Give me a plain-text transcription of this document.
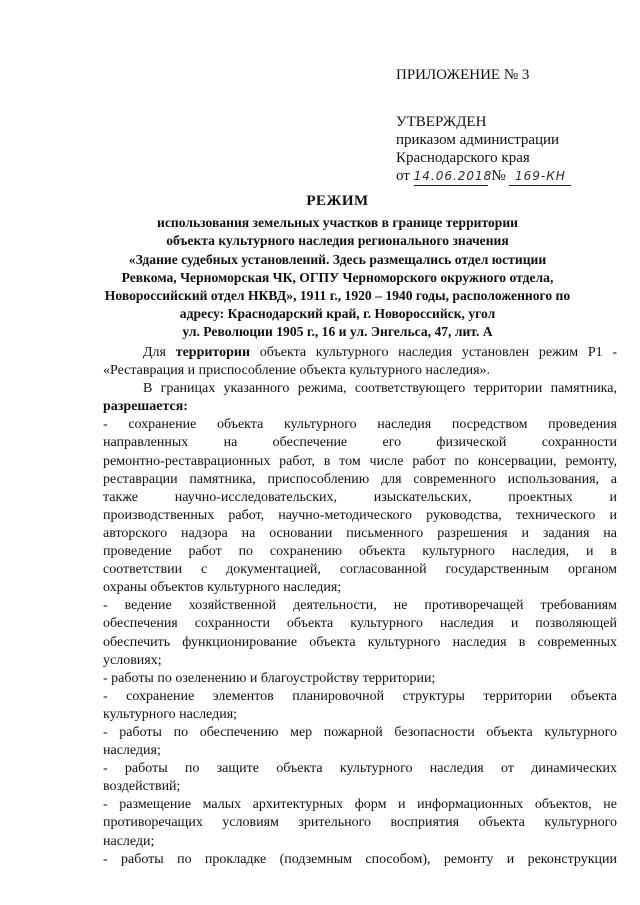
ПРИЛОЖЕНИЕ № 3
УТВЕРЖДЕН
приказом администрации
Краснодарского края
от 14.06.2018 № 169-КН
РЕЖИМ
использования земельных участков в границе территории
объекта культурного наследия регионального значения
«Здание судебных установлений. Здесь размещались отдел юстиции
Ревкома, Черноморская ЧК, ОГПУ Черноморского окружного отдела,
Новороссийский отдел НКВД», 1911 г., 1920 – 1940 годы, расположенного по
адресу: Краснодарский край, г. Новороссийск, угол
ул. Революции 1905 г., 16 и ул. Энгельса, 47, лит. А
Для территории объекта культурного наследия установлен режим Р1 -
«Реставрация и приспособление объекта культурного наследия».
В границах указанного режима, соответствующего территории памятника,
разрешается:
- сохранение объекта культурного наследия посредством проведения
направленных на обеспечение его физической сохранности
ремонтно-реставрационных работ, в том числе работ по консервации, ремонту,
реставрации памятника, приспособлению для современного использования, а
также научно-исследовательских, изыскательских, проектных и
производственных работ, научно-методического руководства, технического и
авторского надзора на основании письменного разрешения и задания на
проведение работ по сохранению объекта культурного наследия, и в
соответствии с документацией, согласованной государственным органом
охраны объектов культурного наследия;
- ведение хозяйственной деятельности, не противоречащей требованиям
обеспечения сохранности объекта культурного наследия и позволяющей
обеспечить функционирование объекта культурного наследия в современных
условиях;
- работы по озеленению и благоустройству территории;
- сохранение элементов планировочной структуры территории объекта
культурного наследия;
- работы по обеспечению мер пожарной безопасности объекта культурного
наследия;
- работы по защите объекта культурного наследия от динамических
воздействий;
- размещение малых архитектурных форм и информационных объектов, не
противоречащих условиям зрительного восприятия объекта культурного
наследи;
- работы по прокладке (подземным способом), ремонту и реконструкции
